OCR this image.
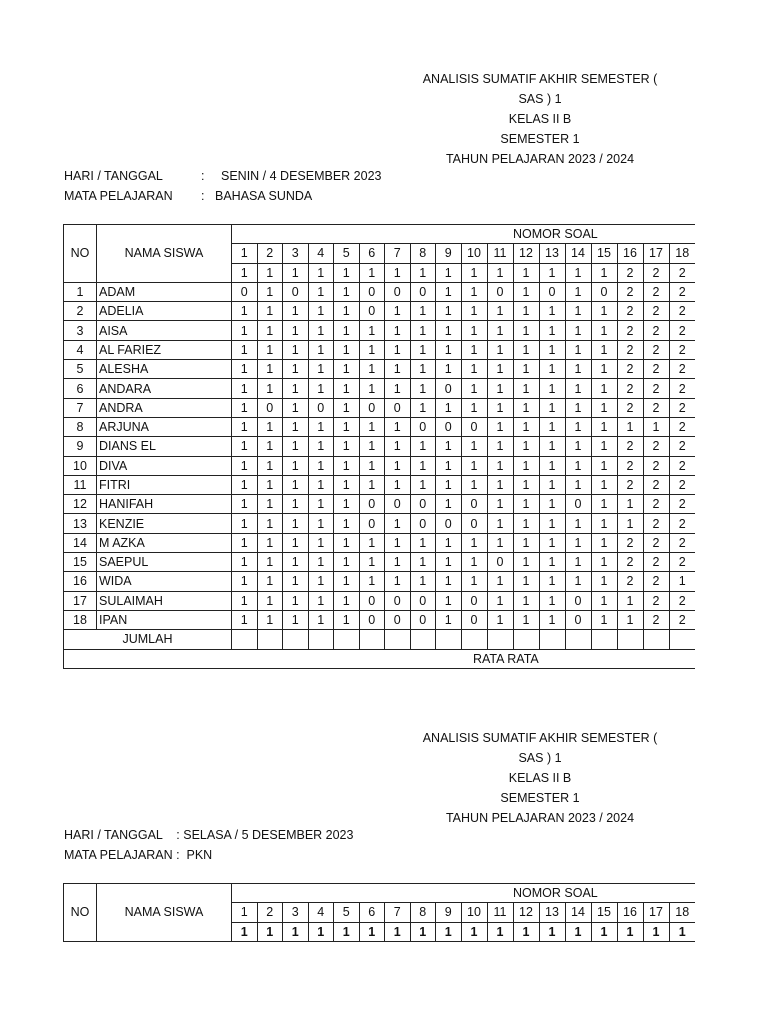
ANALISIS SUMATIF AKHIR SEMESTER ( SAS ) 1
KELAS II B
SEMESTER 1
TAHUN PELAJARAN 2023 / 2024
HARI / TANGGAL	:	SENIN / 4 DESEMBER 2023
MATA PELAJARAN	: BAHASA SUNDA
NO	NAMA SISWA	NOMOR SOAL																	
		1	2	3	4	5	6	7	8	9	10	11	12	13	14	15	16	17	18
		1	1	1	1	1	1	1	1	1	1	1	1	1	1	1	2	2	2
1	ADAM	0	1	0	1	1	0	0	0	1	1	0	1	0	1	0	2	2	2
2	ADELIA	1	1	1	1	1	0	1	1	1	1	1	1	1	1	1	2	2	2
3	AISA	1	1	1	1	1	1	1	1	1	1	1	1	1	1	1	2	2	2
4	AL FARIEZ	1	1	1	1	1	1	1	1	1	1	1	1	1	1	1	2	2	2
5	ALESHA	1	1	1	1	1	1	1	1	1	1	1	1	1	1	1	2	2	2
6	ANDARA	1	1	1	1	1	1	1	1	0	1	1	1	1	1	1	2	2	2
7	ANDRA	1	0	1	0	1	0	0	1	1	1	1	1	1	1	1	2	2	2
8	ARJUNA	1	1	1	1	1	1	1	0	0	0	1	1	1	1	1	1	1	2
9	DIANS EL	1	1	1	1	1	1	1	1	1	1	1	1	1	1	1	2	2	2
10	DIVA	1	1	1	1	1	1	1	1	1	1	1	1	1	1	1	2	2	2
11	FITRI	1	1	1	1	1	1	1	1	1	1	1	1	1	1	1	2	2	2
12	HANIFAH	1	1	1	1	1	0	0	0	1	0	1	1	1	0	1	1	2	2
13	KENZIE	1	1	1	1	1	0	1	0	0	0	1	1	1	1	1	1	2	2
14	M AZKA	1	1	1	1	1	1	1	1	1	1	1	1	1	1	1	2	2	2
15	SAEPUL	1	1	1	1	1	1	1	1	1	1	0	1	1	1	1	2	2	2
16	WIDA	1	1	1	1	1	1	1	1	1	1	1	1	1	1	1	2	2	1
17	SULAIMAH	1	1	1	1	1	0	0	0	1	0	1	1	1	0	1	1	2	2
18	IPAN	1	1	1	1	1	0	0	0	1	0	1	1	1	0	1	1	2	2
JUMLAH																			
RATA RATA																			
ANALISIS SUMATIF AKHIR SEMESTER ( SAS ) 1
KELAS II B
SEMESTER 1
TAHUN PELAJARAN 2023 / 2024
HARI / TANGGAL    : SELASA / 5 DESEMBER 2023
MATA PELAJARAN :  PKN
NO	NAMA SISWA	NOMOR SOAL																	
		1	2	3	4	5	6	7	8	9	10	11	12	13	14	15	16	17	18
		1	1	1	1	1	1	1	1	1	1	1	1	1	1	1	1	1	1
